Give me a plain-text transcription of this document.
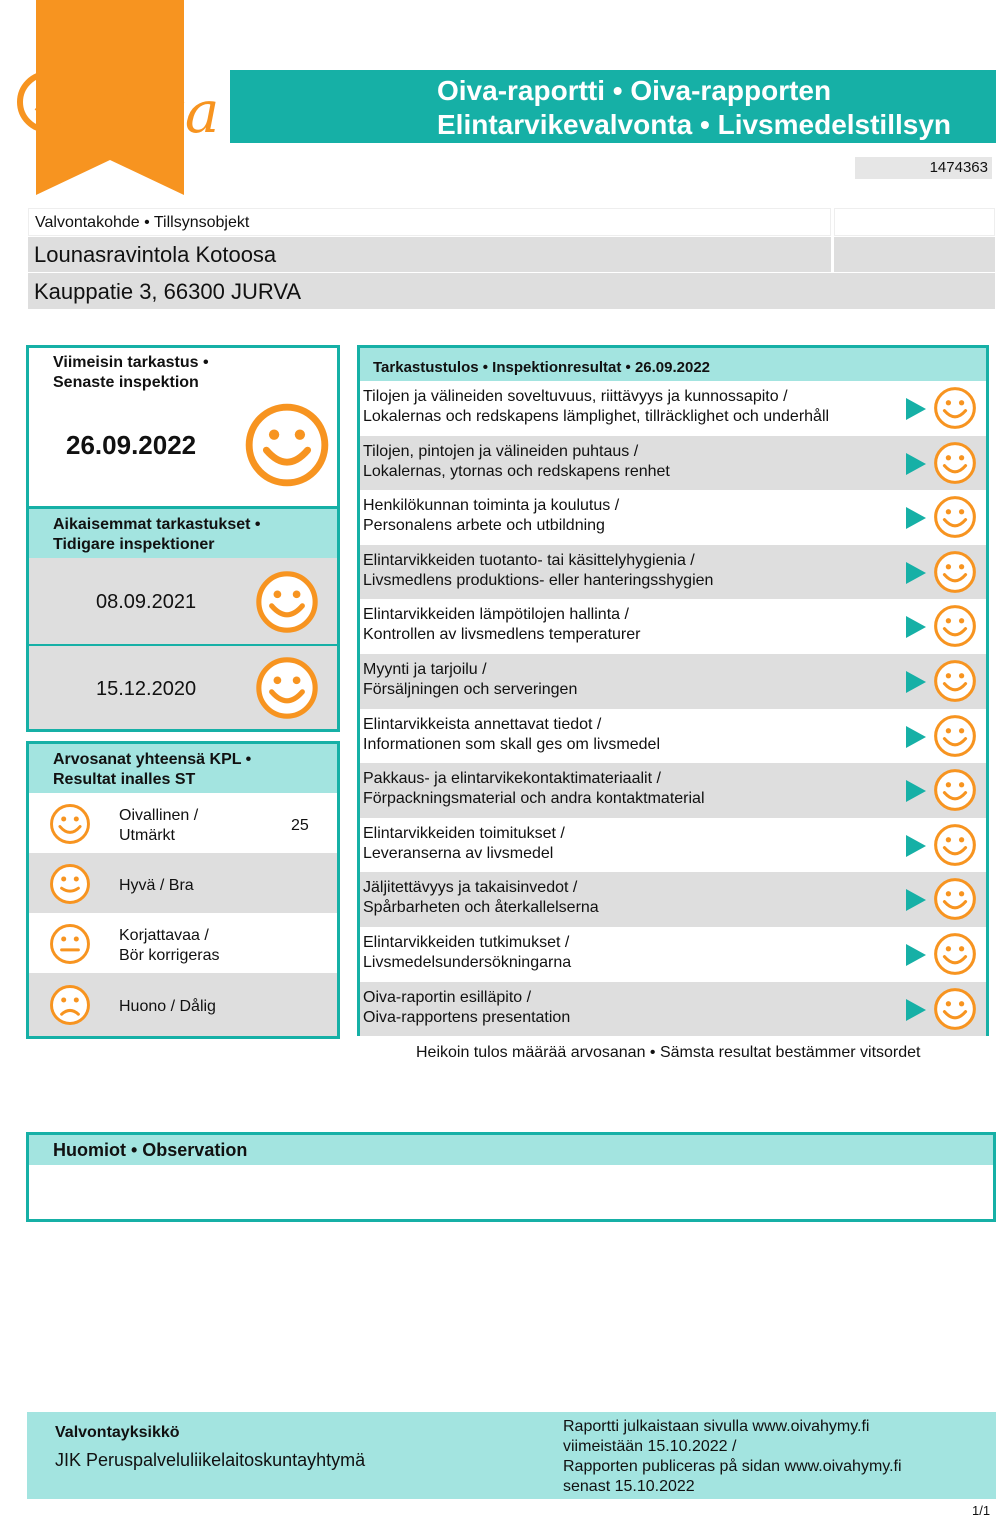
Oiva	Oiva-raportti • Oiva-rapporten
Elintarvikevalvonta • Livsmedelstillsyn
1474363
Valvontakohde • Tillsynsobjekt
Lounasravintola Kotoosa
Kauppatie 3, 66300 JURVA
Viimeisin tarkastus •
Senaste inspektion
26.09.2022
Aikaisemmat tarkastukset •
Tidigare inspektioner
08.09.2021
15.12.2020
Arvosanat yhteensä KPL •
Resultat inalles ST
Oivallinen /
Utmärkt
25
Hyvä / Bra
Korjattavaa /
Bör korrigeras
Huono / Dålig
Tarkastustulos • Inspektionresultat • 26.09.2022
Tilojen ja välineiden soveltuvuus, riittävyys ja kunnossapito /
Lokalernas och redskapens lämplighet, tillräcklighet och underhåll
Tilojen, pintojen ja välineiden puhtaus /
Lokalernas, ytornas och redskapens renhet
Henkilökunnan toiminta ja koulutus /
Personalens arbete och utbildning
Elintarvikkeiden tuotanto- tai käsittelyhygienia /
Livsmedlens produktions- eller hanteringsshygien
Elintarvikkeiden lämpötilojen hallinta /
Kontrollen av livsmedlens temperaturer
Myynti ja tarjoilu /
Försäljningen och serveringen
Elintarvikkeista annettavat tiedot /
Informationen som skall ges om livsmedel
Pakkaus- ja elintarvikekontaktimateriaalit /
Förpackningsmaterial och andra kontaktmaterial
Elintarvikkeiden toimitukset /
Leveranserna av livsmedel
Jäljitettävyys ja takaisinvedot /
Spårbarheten och återkallelserna
Elintarvikkeiden tutkimukset /
Livsmedelsundersökningarna
Oiva-raportin esilläpito /
Oiva-rapportens presentation
Heikoin tulos määrää arvosanan • Sämsta resultat bestämmer vitsordet
Huomiot • Observation
Valvontayksikkö
JIK Peruspalveluliikelaitoskuntayhtymä
Raportti julkaistaan sivulla www.oivahymy.fi
viimeistään 15.10.2022 /
Rapporten publiceras på sidan www.oivahymy.fi
senast 15.10.2022
1/1
